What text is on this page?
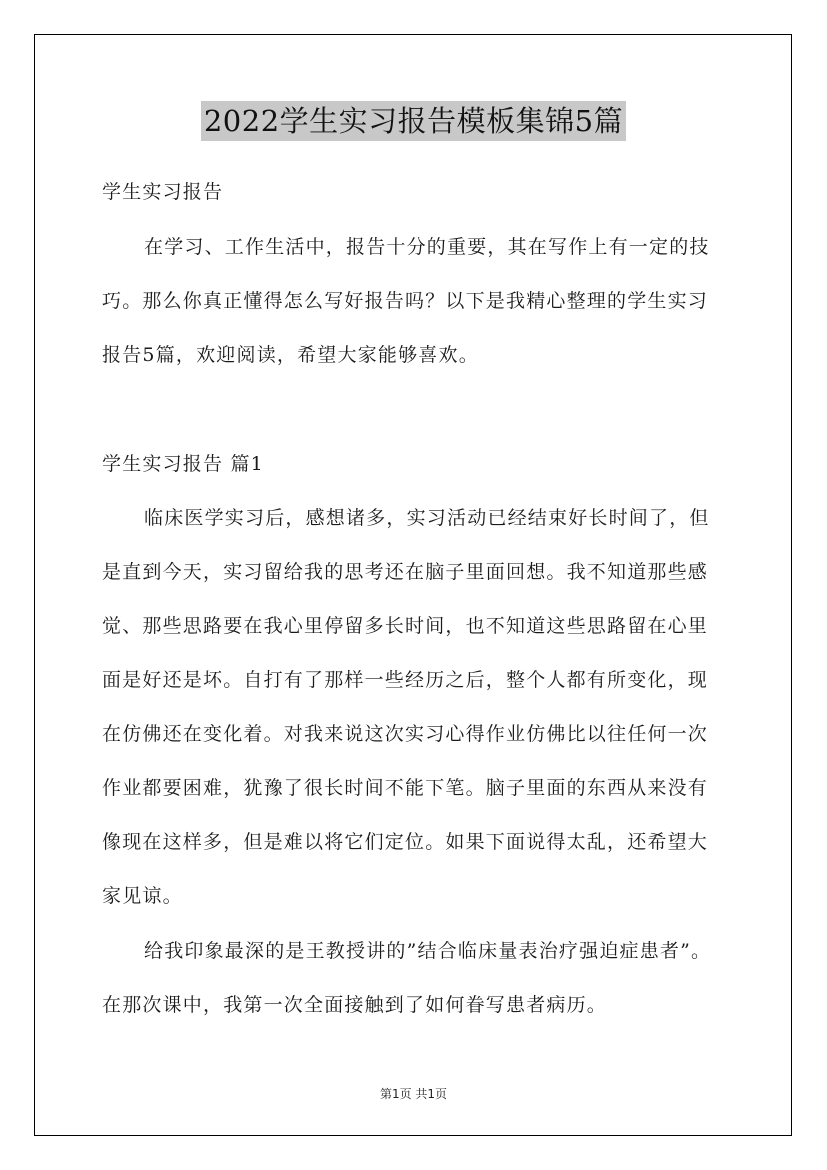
2022学生实习报告模板集锦5篇
学生实习报告
在学习、工作生活中，报告十分的重要，其在写作上有一定的技
巧。那么你真正懂得怎么写好报告吗？以下是我精心整理的学生实习
报告5篇，欢迎阅读，希望大家能够喜欢。
学生实习报告 篇1
临床医学实习后，感想诸多，实习活动已经结束好长时间了，但
是直到今天，实习留给我的思考还在脑子里面回想。我不知道那些感
觉、那些思路要在我心里停留多长时间，也不知道这些思路留在心里
面是好还是坏。自打有了那样一些经历之后，整个人都有所变化，现
在仿佛还在变化着。对我来说这次实习心得作业仿佛比以往任何一次
作业都要困难，犹豫了很长时间不能下笔。脑子里面的东西从来没有
像现在这样多，但是难以将它们定位。如果下面说得太乱，还希望大
家见谅。
给我印象最深的是王教授讲的”结合临床量表治疗强迫症患者”。
在那次课中，我第一次全面接触到了如何眷写患者病历。
第1页 共1页
